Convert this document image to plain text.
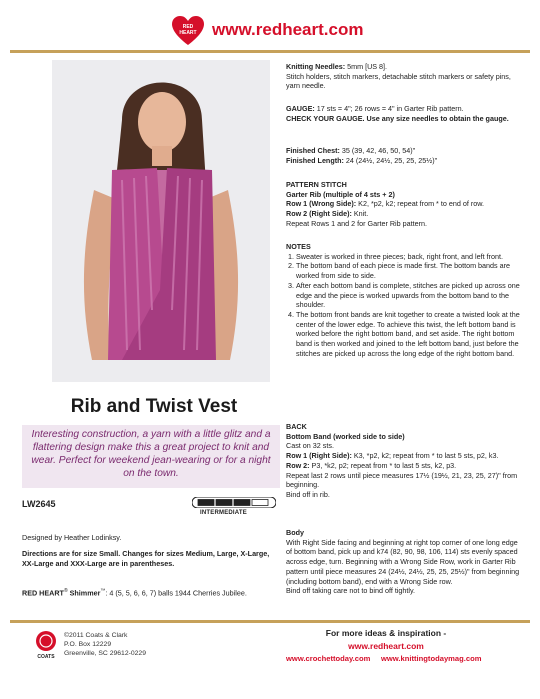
RED
HEART www.redheart.com
Rib and Twist Vest
Interesting construction, a yarn with a little glitz and a flattering design make this a great project to knit and wear. Perfect for weekend jean-wearing or for a night on the town.
LW2645
INTERMEDIATE
Designed by Heather Lodinksy.
Directions are for size Small. Changes for sizes Medium, Large, X-Large, XX-Large and XXX-Large are in parentheses.
RED HEART® Shimmer™: 4 (5, 5, 6, 6, 7) balls 1944 Cherries Jubilee.
Knitting Needles: 5mm [US 8].
Stitch holders, stitch markers, detachable stitch markers or safety pins, yarn needle.
GAUGE: 17 sts = 4"; 26 rows = 4" in Garter Rib pattern.
CHECK YOUR GAUGE. Use any size needles to obtain the gauge.
Finished Chest: 35 (39, 42, 46, 50, 54)"
Finished Length: 24 (24½, 24½, 25, 25, 25½)"
PATTERN STITCH
Garter Rib (multiple of 4 sts + 2)
Row 1 (Wrong Side): K2, *p2, k2; repeat from * to end of row.
Row 2 (Right Side): Knit.
Repeat Rows 1 and 2 for Garter Rib pattern.
NOTES
1. Sweater is worked in three pieces; back, right front, and left front.
2. The bottom band of each piece is made first. The bottom bands are worked from side to side.
3. After each bottom band is complete, stitches are picked up across one edge and the piece is worked upwards from the bottom band to the shoulder.
4. The bottom front bands are knit together to create a twisted look at the center of the lower edge. To achieve this twist, the left bottom band is worked before the right bottom band, and set aside. The right bottom band is then worked and joined to the left bottom band, just before the stitches are picked up across the long edge of the right bottom band.
BACK
Bottom Band (worked side to side)
Cast on 32 sts.
Row 1 (Right Side): K3, *p2, k2; repeat from * to last 5 sts, p2, k3.
Row 2: P3, *k2, p2; repeat from * to last 5 sts, k2, p3.
Repeat last 2 rows until piece measures 17½ (19½, 21, 23, 25, 27)" from beginning.
Bind off in rib.
Body
With Right Side facing and beginning at right top corner of one long edge of bottom band, pick up and k74 (82, 90, 98, 106, 114) sts evenly spaced across edge, turn. Beginning with a Wrong Side Row, work in Garter Rib pattern until piece measures 24 (24½, 24½, 25, 25, 25½)" from beginning (including bottom band), end with a Wrong Side row.
Bind off taking care not to bind off tightly.
COATS
©2011 Coats & Clark
P.O. Box 12229
Greenville, SC 29612-0229
For more ideas & inspiration -
www.redheart.com
www.crochettoday.com www.knittingtodaymag.com
